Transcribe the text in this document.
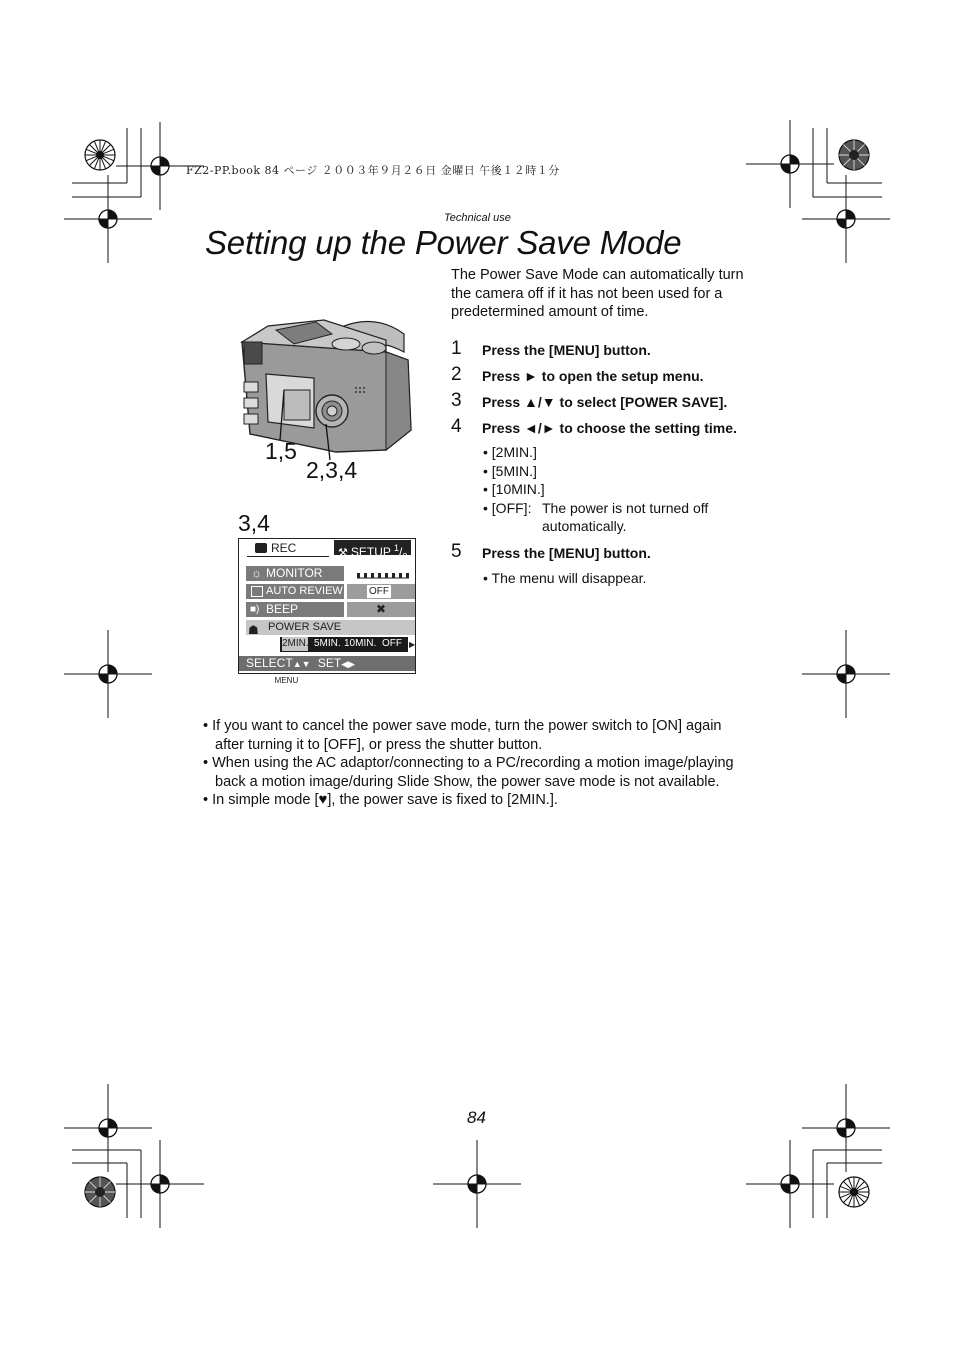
FZ2-PP.book 84 ページ ２００３年９月２６日 金曜日 午後１２時１分
Technical use
Setting up the Power Save Mode
The Power Save Mode can automatically turn the camera off if it has not been used for a predetermined amount of time.
1 Press the [MENU] button.
2 Press ► to open the setup menu.
3 Press ▲/▼ to select [POWER SAVE].
4 Press ◄/► to choose the setting time.
• [2MIN.]
• [5MIN.]
• [10MIN.]
• [OFF]: The power is not turned off
automatically.
5 Press the [MENU] button.
• The menu will disappear.
1,5
2,3,4
3,4
REC	⚒ SETUP $^1/_2$
☼ MONITOR
AUTO REVIEW	OFF
■) BEEP	✖
☗ POWER SAVE
2MIN. 5MIN. 10MIN. OFF ▶
SELECT▲▼ SET◀▶ EXIT MENU
• If you want to cancel the power save mode, turn the power switch to [ON] again
after turning it to [OFF], or press the shutter button.
• When using the AC adaptor/connecting to a PC/recording a motion image/playing
back a motion image/during Slide Show, the power save mode is not available.
• In simple mode [♥], the power save is fixed to [2MIN.].
84
